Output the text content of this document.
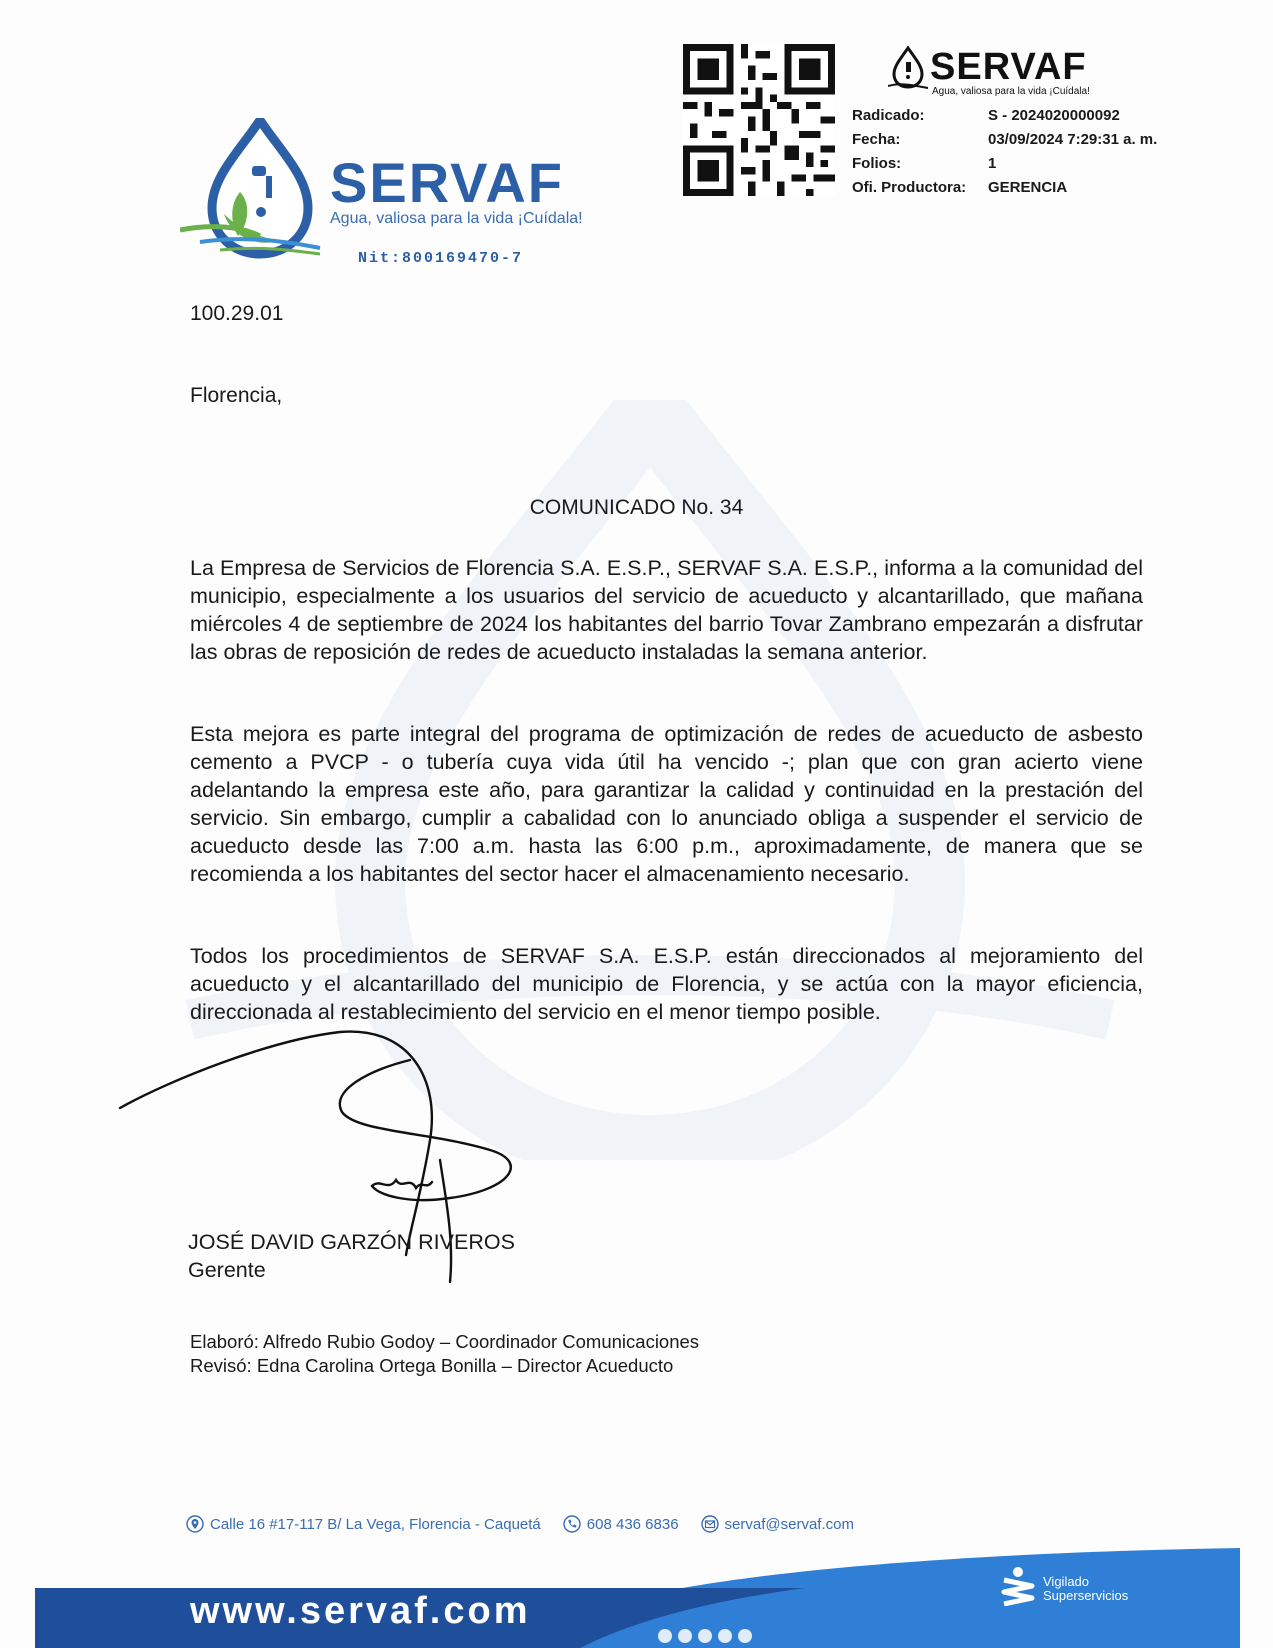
SERVAF
Agua, valiosa para la vida ¡Cuídala!
Nit:800169470-7
SERVAF
Agua, valiosa para la vida ¡Cuídala!
Radicado:	S - 2024020000092
Fecha:	03/09/2024 7:29:31 a. m.
Folios:	1
Ofi. Productora:	GERENCIA
100.29.01
Florencia,
COMUNICADO No. 34
La Empresa de Servicios de Florencia S.A. E.S.P., SERVAF S.A. E.S.P., informa a la comunidad del municipio, especialmente a los usuarios del servicio de acueducto y alcantarillado, que mañana miércoles 4 de septiembre de 2024 los habitantes del barrio Tovar Zambrano empezarán a disfrutar las obras de reposición de redes de acueducto instaladas la semana anterior.
Esta mejora es parte integral del programa de optimización de redes de acueducto de asbesto cemento a PVCP - o tubería cuya vida útil ha vencido -; plan que con gran acierto viene adelantando la empresa este año, para garantizar la calidad y continuidad en la prestación del servicio. Sin embargo, cumplir a cabalidad con lo anunciado obliga a suspender el servicio de acueducto desde las 7:00 a.m. hasta las 6:00 p.m., aproximadamente, de manera que se recomienda a los habitantes del sector hacer el almacenamiento necesario.
Todos los procedimientos de SERVAF S.A. E.S.P. están direccionados al mejoramiento del acueducto y el alcantarillado del municipio de Florencia, y se actúa con la mayor eficiencia, direccionada al restablecimiento del servicio en el menor tiempo posible.
JOSÉ DAVID GARZÓN RIVEROS
Gerente
Elaboró: Alfredo Rubio Godoy – Coordinador Comunicaciones
Revisó: Edna Carolina Ortega Bonilla – Director Acueducto
Calle 16 #17-117 B/ La Vega, Florencia - Caquetá	608 436 6836	servaf@servaf.com
www.servaf.com
Vigilado
Superservicios
